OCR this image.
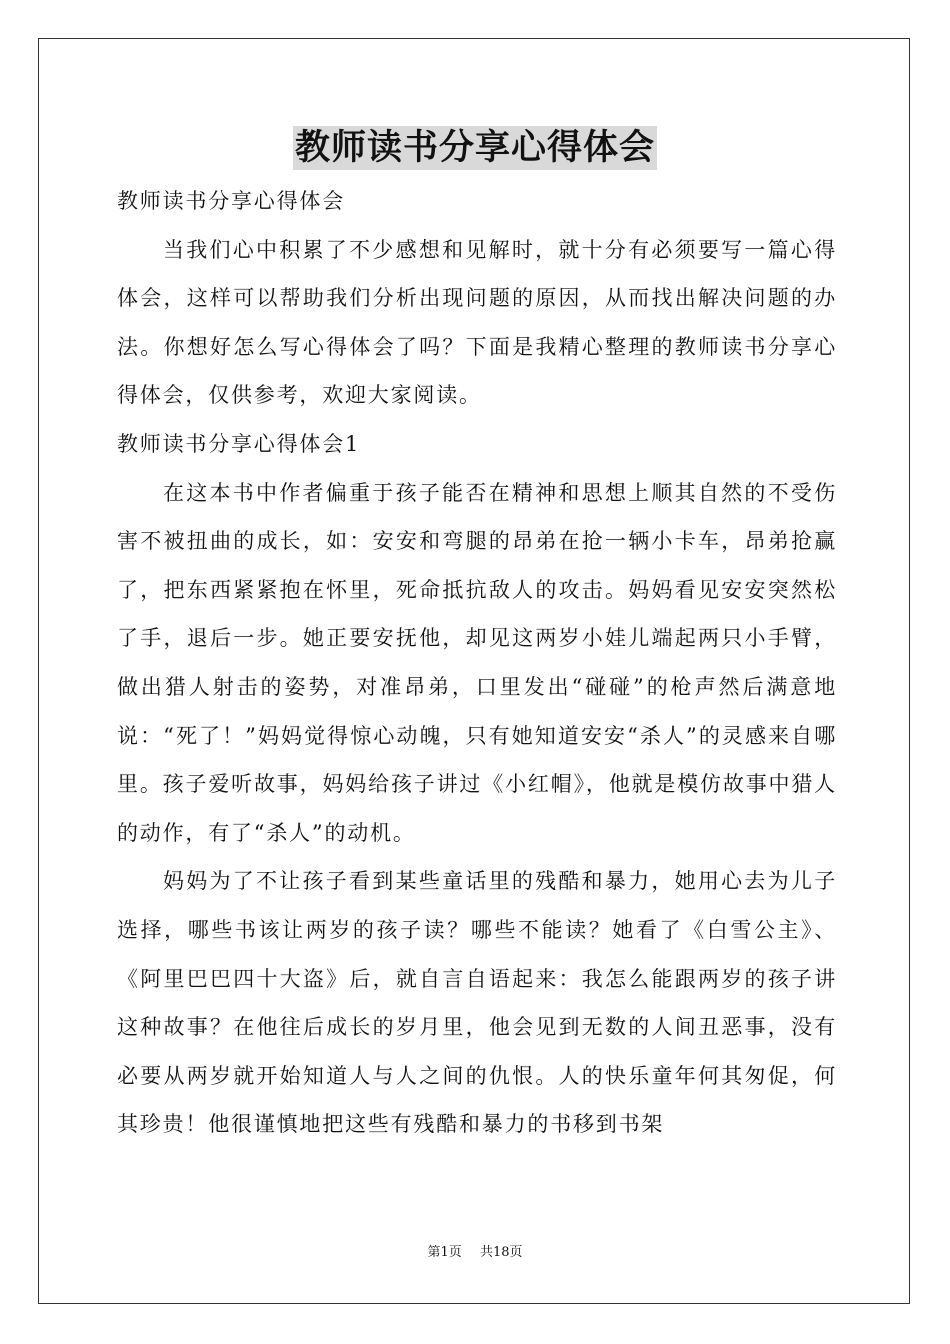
教师读书分享心得体会

教师读书分享心得体会

当我们心中积累了不少感想和见解时，就十分有必须要写一篇心得体会，这样可以帮助我们分析出现问题的原因，从而找出解决问题的办法。你想好怎么写心得体会了吗？下面是我精心整理的教师读书分享心得体会，仅供参考，欢迎大家阅读。

教师读书分享心得体会1

在这本书中作者偏重于孩子能否在精神和思想上顺其自然的不受伤害不被扭曲的成长，如：安安和弯腿的昂弟在抢一辆小卡车，昂弟抢赢了，把东西紧紧抱在怀里，死命抵抗敌人的攻击。妈妈看见安安突然松了手，退后一步。她正要安抚他，却见这两岁小娃儿端起两只小手臂，做出猎人射击的姿势，对准昂弟，口里发出“碰碰”的枪声然后满意地说：“死了！”妈妈觉得惊心动魄，只有她知道安安“杀人”的灵感来自哪里。孩子爱听故事，妈妈给孩子讲过《小红帽》，他就是模仿故事中猎人的动作，有了“杀人”的动机。

妈妈为了不让孩子看到某些童话里的残酷和暴力，她用心去为儿子选择，哪些书该让两岁的孩子读？哪些不能读？她看了《白雪公主》、《阿里巴巴四十大盗》后，就自言自语起来：我怎么能跟两岁的孩子讲这种故事？在他往后成长的岁月里，他会见到无数的人间丑恶事，没有必要从两岁就开始知道人与人之间的仇恨。人的快乐童年何其匆促，何其珍贵！他很谨慎地把这些有残酷和暴力的书移到书架

第1页 共18页
